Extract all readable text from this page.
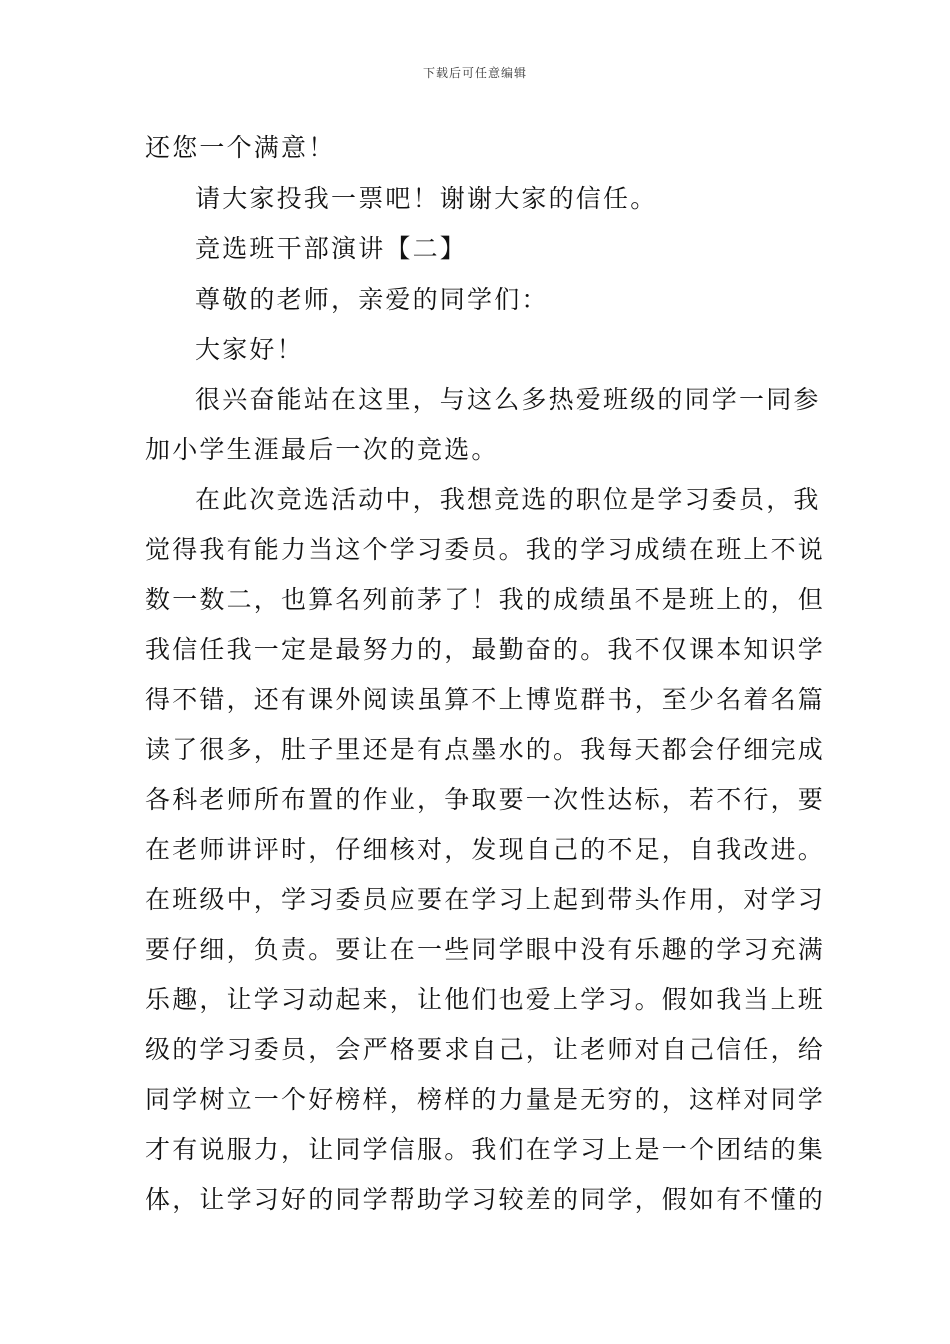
下载后可任意编辑
还您一个满意！
请大家投我一票吧！谢谢大家的信任。
竞选班干部演讲【二】
尊敬的老师，亲爱的同学们：
大家好！
很兴奋能站在这里，与这么多热爱班级的同学一同参
加小学生涯最后一次的竞选。
在此次竞选活动中，我想竞选的职位是学习委员，我
觉得我有能力当这个学习委员。我的学习成绩在班上不说
数一数二，也算名列前茅了！我的成绩虽不是班上的，但
我信任我一定是最努力的，最勤奋的。我不仅课本知识学
得不错，还有课外阅读虽算不上博览群书，至少名着名篇
读了很多，肚子里还是有点墨水的。我每天都会仔细完成
各科老师所布置的作业，争取要一次性达标，若不行，要
在老师讲评时，仔细核对，发现自己的不足，自我改进。
在班级中，学习委员应要在学习上起到带头作用，对学习
要仔细，负责。要让在一些同学眼中没有乐趣的学习充满
乐趣，让学习动起来，让他们也爱上学习。假如我当上班
级的学习委员，会严格要求自己，让老师对自己信任，给
同学树立一个好榜样，榜样的力量是无穷的，这样对同学
才有说服力，让同学信服。我们在学习上是一个团结的集
体，让学习好的同学帮助学习较差的同学，假如有不懂的
